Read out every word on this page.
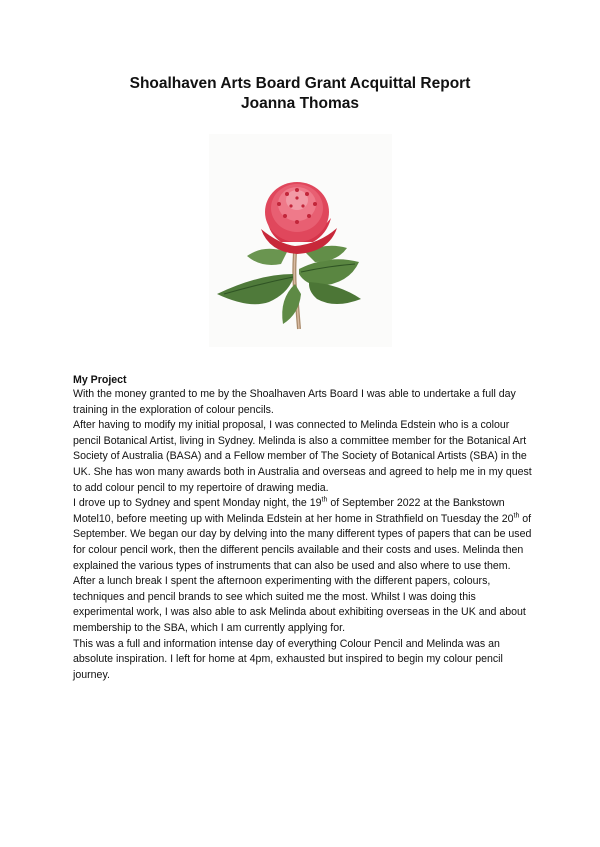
Shoalhaven Arts Board Grant Acquittal Report
Joanna Thomas
My Project

With the money granted to me by the Shoalhaven Arts Board I was able to undertake a full day training in the exploration of colour pencils.

After having to modify my initial proposal, I was connected to Melinda Edstein who is a colour pencil Botanical Artist, living in Sydney. Melinda is also a committee member for the Botanical Art Society of Australia (BASA) and a Fellow member of The Society of Botanical Artists (SBA) in the UK. She has won many awards both in Australia and overseas and agreed to help me in my quest to add colour pencil to my repertoire of drawing media.

I drove up to Sydney and spent Monday night, the 19th of September 2022 at the Bankstown Motel10, before meeting up with Melinda Edstein at her home in Strathfield on Tuesday the 20th of September. We began our day by delving into the many different types of papers that can be used for colour pencil work, then the different pencils available and their costs and uses. Melinda then explained the various types of instruments that can also be used and also where to use them.

After a lunch break I spent the afternoon experimenting with the different papers, colours, techniques and pencil brands to see which suited me the most. Whilst I was doing this experimental work, I was also able to ask Melinda about exhibiting overseas in the UK and about membership to the SBA, which I am currently applying for.

This was a full and information intense day of everything Colour Pencil and Melinda was an absolute inspiration. I left for home at 4pm, exhausted but inspired to begin my colour pencil journey.
